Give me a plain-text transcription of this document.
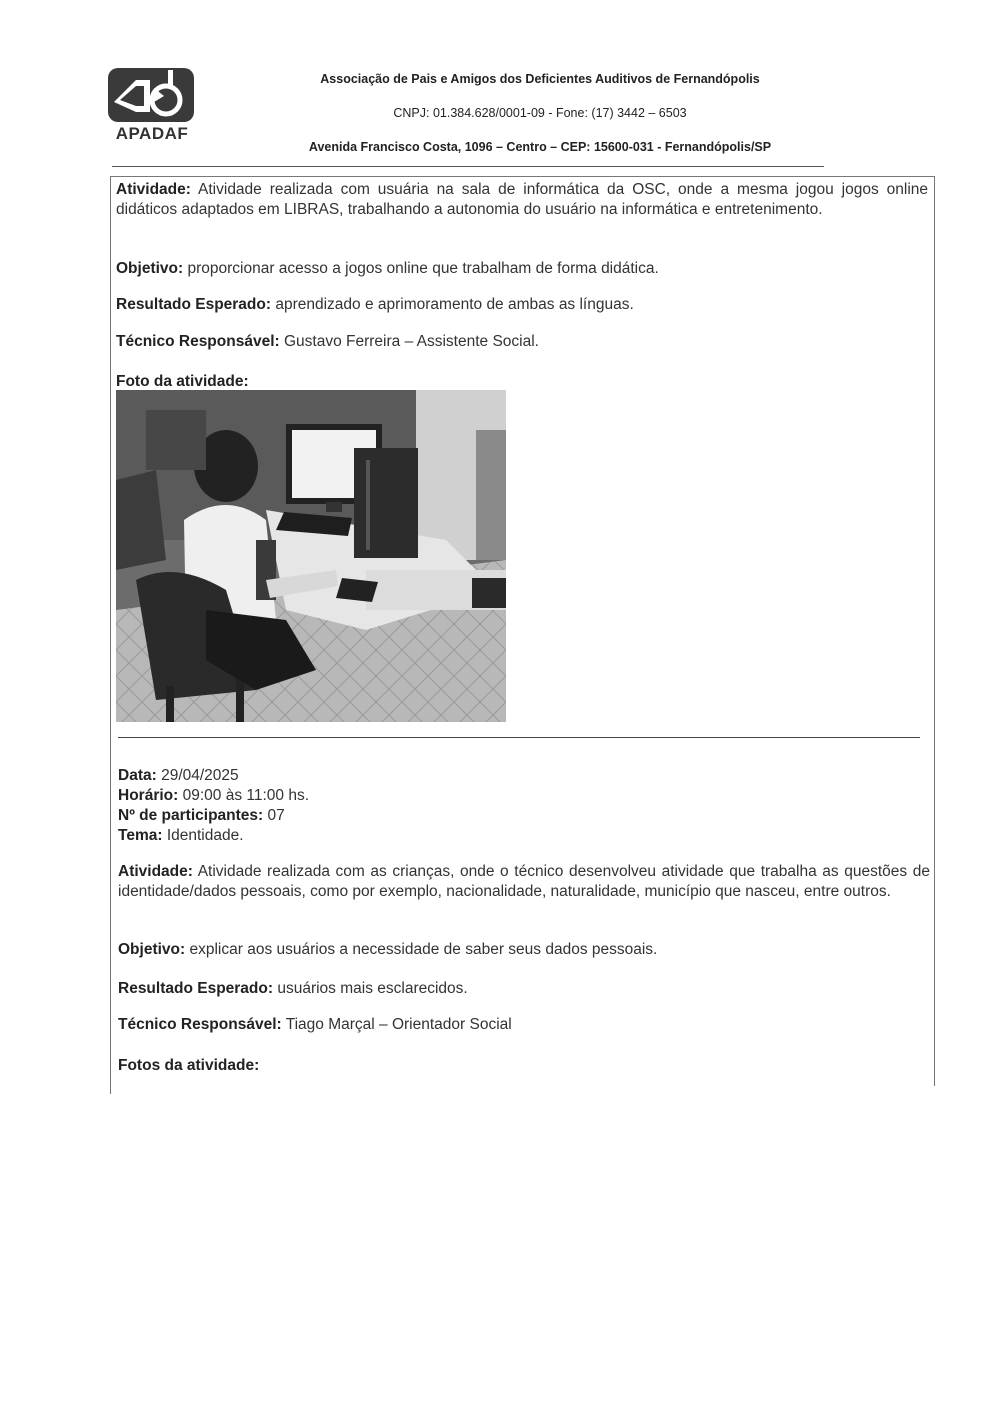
APADAF
Associação de Pais e Amigos dos Deficientes Auditivos de Fernandópolis
CNPJ: 01.384.628/0001-09 - Fone: (17) 3442 – 6503
Avenida Francisco Costa, 1096 – Centro – CEP: 15600-031 - Fernandópolis/SP
Atividade: Atividade realizada com usuária na sala de informática da OSC, onde a mesma jogou jogos online didáticos adaptados em LIBRAS, trabalhando a autonomia do usuário na informática e entretenimento.
Objetivo: proporcionar acesso a jogos online que trabalham de forma didática.
Resultado Esperado: aprendizado e aprimoramento de ambas as línguas.
Técnico Responsável: Gustavo Ferreira – Assistente Social.
Foto da atividade:
Data: 29/04/2025
Horário: 09:00 às 11:00 hs.
Nº de participantes: 07
Tema: Identidade.
Atividade: Atividade realizada com as crianças, onde o técnico desenvolveu atividade que trabalha as questões de identidade/dados pessoais, como por exemplo, nacionalidade, naturalidade, município que nasceu, entre outros.
Objetivo: explicar aos usuários a necessidade de saber seus dados pessoais.
Resultado Esperado: usuários mais esclarecidos.
Técnico Responsável: Tiago Marçal – Orientador Social
Fotos da atividade:
